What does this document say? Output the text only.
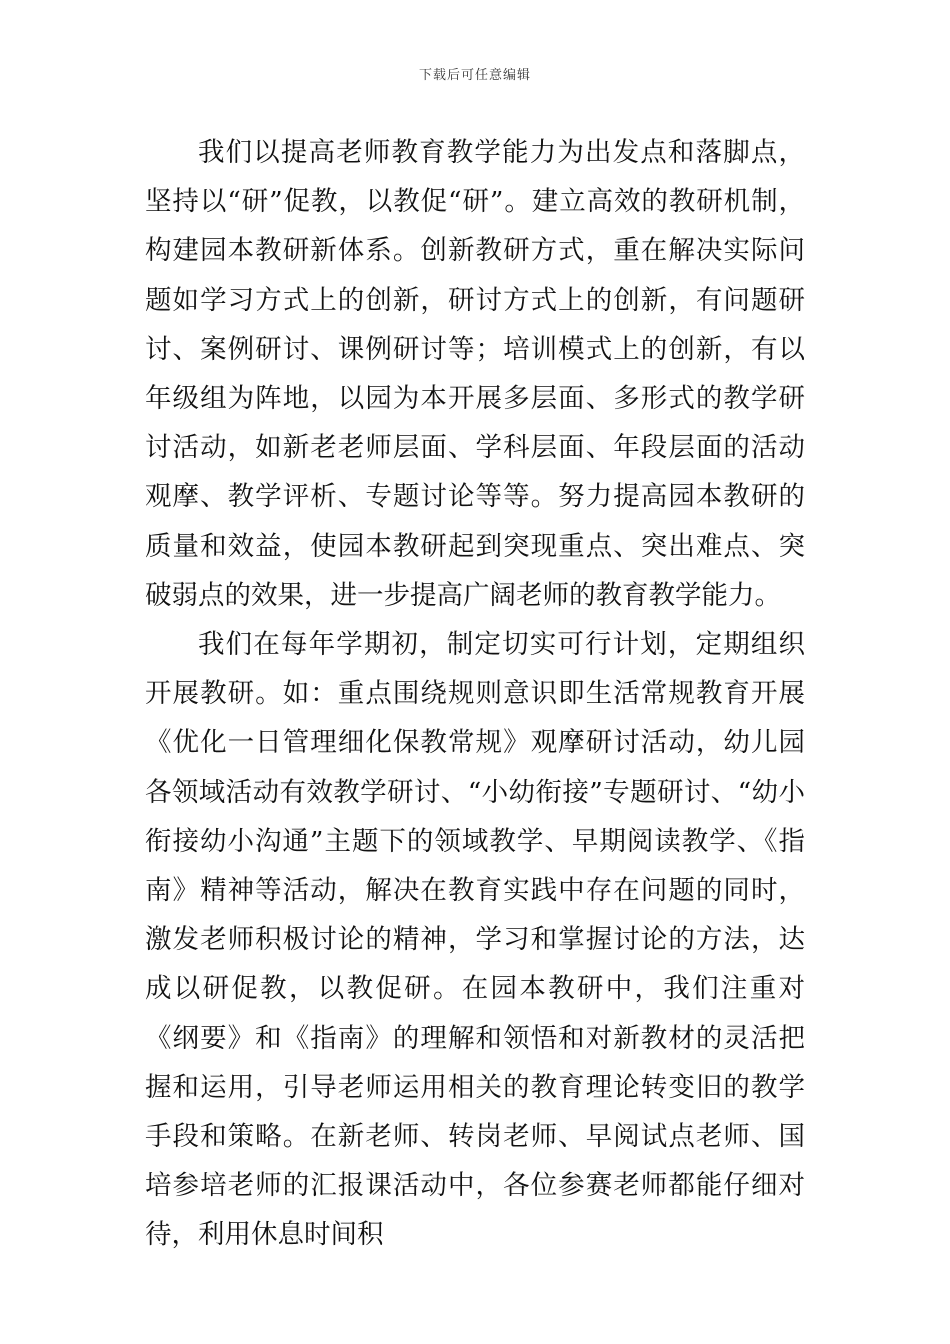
下载后可任意编辑

我们以提高老师教育教学能力为出发点和落脚点，坚持以“研”促教，以教促“研”。建立高效的教研机制，构建园本教研新体系。创新教研方式，重在解决实际问题如学习方式上的创新，研讨方式上的创新，有问题研讨、案例研讨、课例研讨等；培训模式上的创新，有以年级组为阵地，以园为本开展多层面、多形式的教学研讨活动，如新老老师层面、学科层面、年段层面的活动观摩、教学评析、专题讨论等等。努力提高园本教研的质量和效益，使园本教研起到突现重点、突出难点、突破弱点的效果，进一步提高广阔老师的教育教学能力。

我们在每年学期初，制定切实可行计划，定期组织开展教研。如：重点围绕规则意识即生活常规教育开展《优化一日管理细化保教常规》观摩研讨活动，幼儿园各领域活动有效教学研讨、“小幼衔接”专题研讨、“幼小衔接幼小沟通”主题下的领域教学、早期阅读教学、《指南》精神等活动，解决在教育实践中存在问题的同时，激发老师积极讨论的精神，学习和掌握讨论的方法，达成以研促教，以教促研。在园本教研中，我们注重对《纲要》和《指南》的理解和领悟和对新教材的灵活把握和运用，引导老师运用相关的教育理论转变旧的教学手段和策略。在新老师、转岗老师、早阅试点老师、国培参培老师的汇报课活动中，各位参赛老师都能仔细对待，利用休息时间积
